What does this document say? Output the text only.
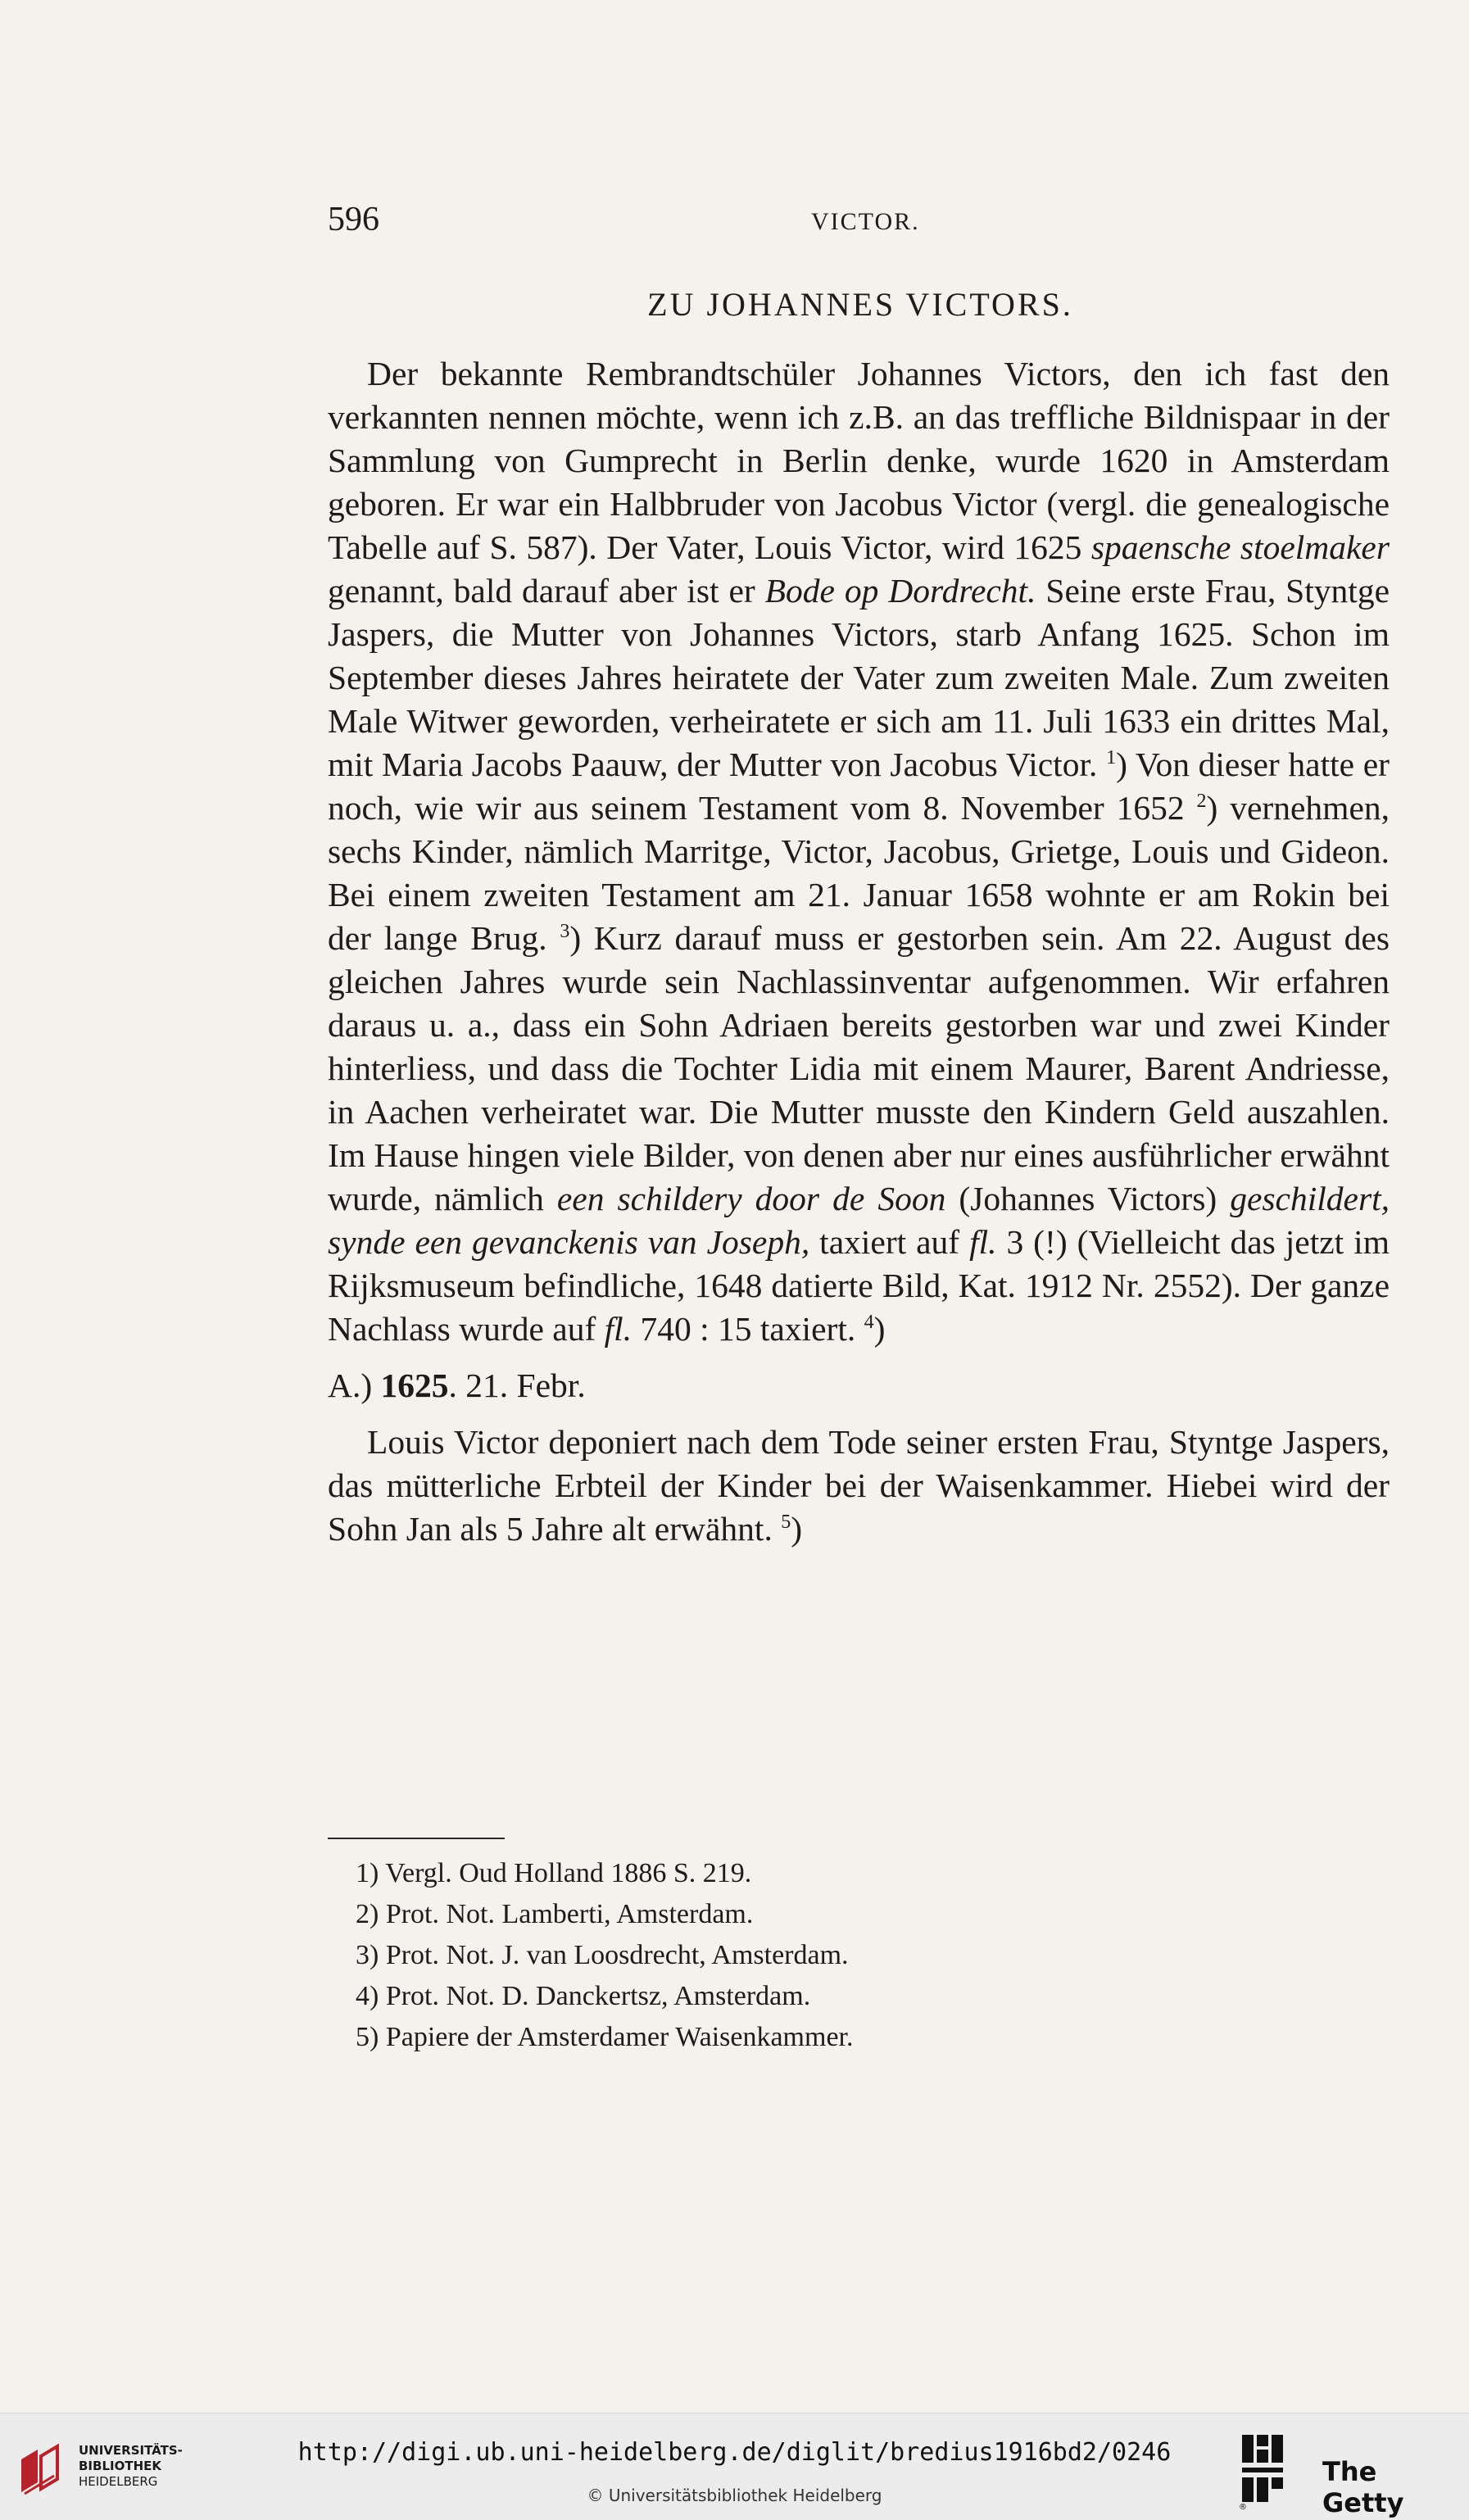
596	VICTOR.
ZU JOHANNES VICTORS.

Der bekannte Rembrandtschüler Johannes Victors, den ich fast den verkannten nennen möchte, wenn ich z.B. an das treffliche Bildnispaar in der Sammlung von Gumprecht in Berlin denke, wurde 1620 in Amsterdam geboren. Er war ein Halbbruder von Jacobus Victor (vergl. die genealogische Tabelle auf S. 587). Der Vater, Louis Victor, wird 1625 spaensche stoelmaker genannt, bald darauf aber ist er Bode op Dordrecht. Seine erste Frau, Styntge Jaspers, die Mutter von Johannes Victors, starb Anfang 1625. Schon im September dieses Jahres heiratete der Vater zum zweiten Male. Zum zweiten Male Witwer geworden, verheiratete er sich am 11. Juli 1633 ein drittes Mal, mit Maria Jacobs Paauw, der Mutter von Jacobus Victor. $^1$) Von dieser hatte er noch, wie wir aus seinem Testament vom 8. November 1652 $^2$) vernehmen, sechs Kinder, nämlich Marritge, Victor, Jacobus, Grietge, Louis und Gideon. Bei einem zweiten Testament am 21. Januar 1658 wohnte er am Rokin bei der lange Brug. $^3$) Kurz darauf muss er gestorben sein. Am 22. August des gleichen Jahres wurde sein Nachlassinventar aufgenommen. Wir erfahren daraus u. a., dass ein Sohn Adriaen bereits gestorben war und zwei Kinder hinterliess, und dass die Tochter Lidia mit einem Maurer, Barent Andriesse, in Aachen verheiratet war. Die Mutter musste den Kindern Geld auszahlen. Im Hause hingen viele Bilder, von denen aber nur eines ausführlicher erwähnt wurde, nämlich een schildery door de Soon (Johannes Victors) geschildert, synde een gevanckenis van Joseph, taxiert auf fl. 3 (!) (Vielleicht das jetzt im Rijksmuseum befindliche, 1648 datierte Bild, Kat. 1912 Nr. 2552). Der ganze Nachlass wurde auf fl. 740 : 15 taxiert. $^4$)

A.) 1625. 21. Febr.

Louis Victor deponiert nach dem Tode seiner ersten Frau, Styntge Jaspers, das mütterliche Erbteil der Kinder bei der Waisenkammer. Hiebei wird der Sohn Jan als 5 Jahre alt erwähnt. $^5$)

1) Vergl. Oud Holland 1886 S. 219.
2) Prot. Not. Lamberti, Amsterdam.
3) Prot. Not. J. van Loosdrecht, Amsterdam.
4) Prot. Not. D. Danckertsz, Amsterdam.
5) Papiere der Amsterdamer Waisenkammer.
UNIVERSITÄTS-
BIBLIOTHEK
HEIDELBERG
http://digi.ub.uni-heidelberg.de/diglit/bredius1916bd2/0246
© Universitätsbibliothek Heidelberg
®
The Getty
